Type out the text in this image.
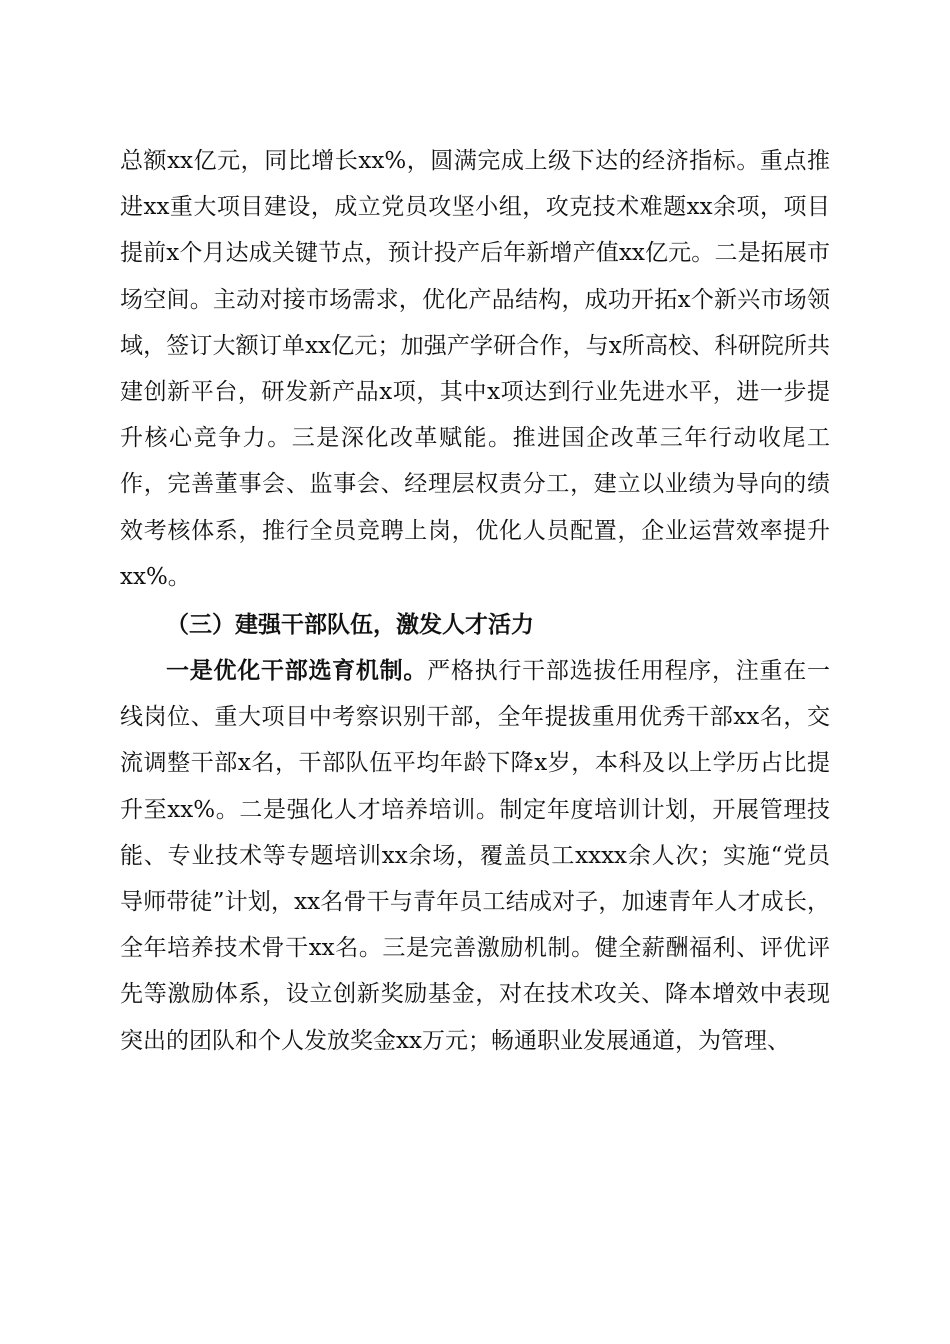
总额xx亿元，同比增长xx%，圆满完成上级下达的经济指标。重点推进xx重大项目建设，成立党员攻坚小组，攻克技术难题xx余项，项目提前x个月达成关键节点，预计投产后年新增产值xx亿元。二是拓展市场空间。主动对接市场需求，优化产品结构，成功开拓x个新兴市场领域，签订大额订单xx亿元；加强产学研合作，与x所高校、科研院所共建创新平台，研发新产品x项，其中x项达到行业先进水平，进一步提升核心竞争力。三是深化改革赋能。推进国企改革三年行动收尾工作，完善董事会、监事会、经理层权责分工，建立以业绩为导向的绩效考核体系，推行全员竞聘上岗，优化人员配置，企业运营效率提升xx%。

（三）建强干部队伍，激发人才活力

一是优化干部选育机制。严格执行干部选拔任用程序，注重在一线岗位、重大项目中考察识别干部，全年提拔重用优秀干部xx名，交流调整干部x名，干部队伍平均年龄下降x岁，本科及以上学历占比提升至xx%。二是强化人才培养培训。制定年度培训计划，开展管理技能、专业技术等专题培训xx余场，覆盖员工xxxx余人次；实施“党员导师带徒”计划，xx名骨干与青年员工结成对子，加速青年人才成长，全年培养技术骨干xx名。三是完善激励机制。健全薪酬福利、评优评先等激励体系，设立创新奖励基金，对在技术攻关、降本增效中表现突出的团队和个人发放奖金xx万元；畅通职业发展通道，为管理、
